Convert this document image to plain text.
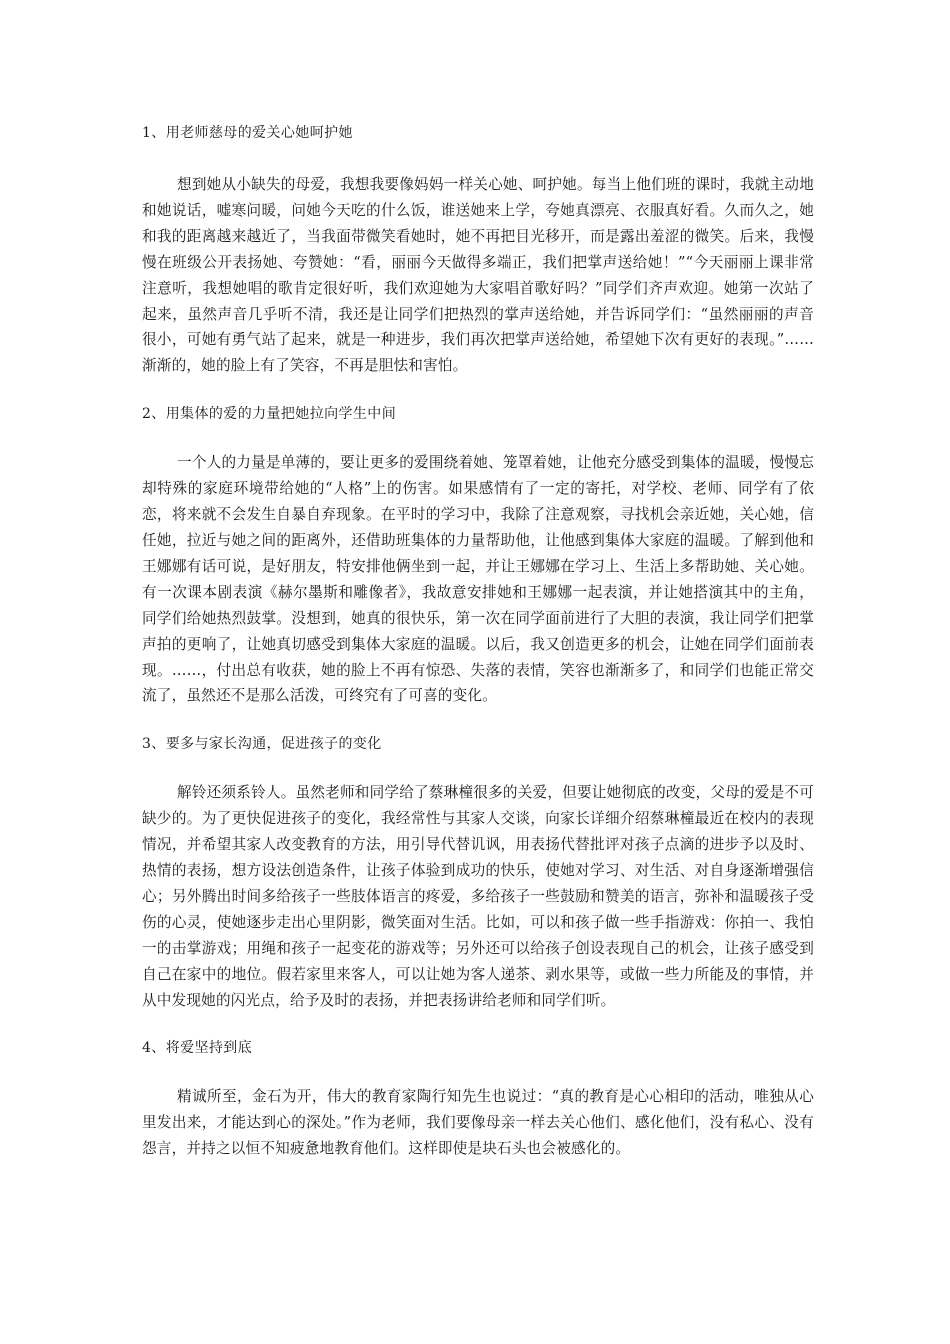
1、用老师慈母的爱关心她呵护她

想到她从小缺失的母爱，我想我要像妈妈一样关心她、呵护她。每当上他们班的课时，我就主动地和她说话，嘘寒问暖，问她今天吃的什么饭，谁送她来上学，夸她真漂亮、衣服真好看。久而久之，她和我的距离越来越近了，当我面带微笑看她时，她不再把目光移开，而是露出羞涩的微笑。后来，我慢慢在班级公开表扬她、夸赞她：“看，丽丽今天做得多端正，我们把掌声送给她！”“今天丽丽上课非常注意听，我想她唱的歌肯定很好听，我们欢迎她为大家唱首歌好吗？”同学们齐声欢迎。她第一次站了起来，虽然声音几乎听不清，我还是让同学们把热烈的掌声送给她，并告诉同学们：“虽然丽丽的声音很小，可她有勇气站了起来，就是一种进步，我们再次把掌声送给她，希望她下次有更好的表现。”……渐渐的，她的脸上有了笑容，不再是胆怯和害怕。

2、用集体的爱的力量把她拉向学生中间

一个人的力量是单薄的，要让更多的爱围绕着她、笼罩着她，让他充分感受到集体的温暖，慢慢忘却特殊的家庭环境带给她的“人格”上的伤害。如果感情有了一定的寄托，对学校、老师、同学有了依恋，将来就不会发生自暴自弃现象。在平时的学习中，我除了注意观察，寻找机会亲近她，关心她，信任她，拉近与她之间的距离外，还借助班集体的力量帮助他，让他感到集体大家庭的温暖。了解到他和王娜娜有话可说，是好朋友，特安排他俩坐到一起，并让王娜娜在学习上、生活上多帮助她、关心她。有一次课本剧表演《赫尔墨斯和雕像者》，我故意安排她和王娜娜一起表演，并让她搭演其中的主角，同学们给她热烈鼓掌。没想到，她真的很快乐，第一次在同学面前进行了大胆的表演，我让同学们把掌声拍的更响了，让她真切感受到集体大家庭的温暖。以后，我又创造更多的机会，让她在同学们面前表现。……，付出总有收获，她的脸上不再有惊恐、失落的表情，笑容也渐渐多了，和同学们也能正常交流了，虽然还不是那么活泼，可终究有了可喜的变化。

3、要多与家长沟通，促进孩子的变化

解铃还须系铃人。虽然老师和同学给了蔡琳橦很多的关爱，但要让她彻底的改变，父母的爱是不可缺少的。为了更快促进孩子的变化，我经常性与其家人交谈，向家长详细介绍蔡琳橦最近在校内的表现情况，并希望其家人改变教育的方法，用引导代替讥讽，用表扬代替批评对孩子点滴的进步予以及时、热情的表扬，想方设法创造条件，让孩子体验到成功的快乐，使她对学习、对生活、对自身逐渐增强信心；另外腾出时间多给孩子一些肢体语言的疼爱，多给孩子一些鼓励和赞美的语言，弥补和温暖孩子受伤的心灵，使她逐步走出心里阴影，微笑面对生活。比如，可以和孩子做一些手指游戏：你拍一、我怕一的击掌游戏；用绳和孩子一起变花的游戏等；另外还可以给孩子创设表现自己的机会，让孩子感受到自己在家中的地位。假若家里来客人，可以让她为客人递茶、剥水果等，或做一些力所能及的事情，并从中发现她的闪光点，给予及时的表扬，并把表扬讲给老师和同学们听。

4、将爱坚持到底

精诚所至，金石为开，伟大的教育家陶行知先生也说过：“真的教育是心心相印的活动，唯独从心里发出来，才能达到心的深处。”作为老师，我们要像母亲一样去关心他们、感化他们，没有私心、没有怨言，并持之以恒不知疲惫地教育他们。这样即使是块石头也会被感化的。
